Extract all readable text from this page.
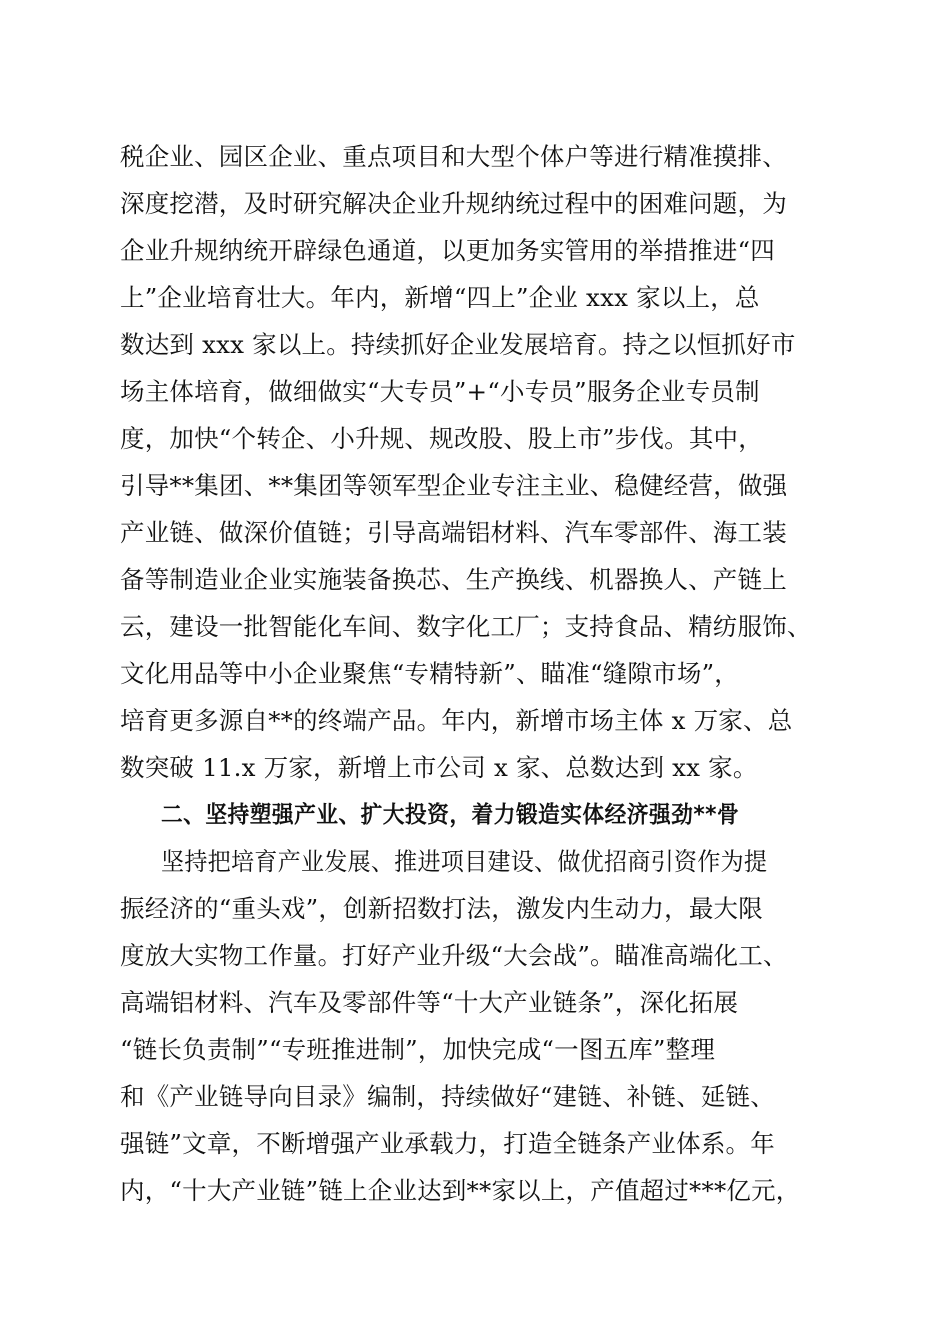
税企业、园区企业、重点项目和大型个体户等进行精准摸排、
深度挖潜，及时研究解决企业升规纳统过程中的困难问题，为
企业升规纳统开辟绿色通道，以更加务实管用的举措推进“四
上”企业培育壮大。年内，新增“四上”企业 xxx 家以上，总
数达到 xxx 家以上。持续抓好企业发展培育。持之以恒抓好市
场主体培育，做细做实“大专员”+“小专员”服务企业专员制
度，加快“个转企、小升规、规改股、股上市”步伐。其中，
引导**集团、**集团等领军型企业专注主业、稳健经营，做强
产业链、做深价值链；引导高端铝材料、汽车零部件、海工装
备等制造业企业实施装备换芯、生产换线、机器换人、产链上
云，建设一批智能化车间、数字化工厂；支持食品、精纺服饰、
文化用品等中小企业聚焦“专精特新”、瞄准“缝隙市场”，
培育更多源自**的终端产品。年内，新增市场主体 x 万家、总
数突破 11.x 万家，新增上市公司 x 家、总数达到 xx 家。
二、坚持塑强产业、扩大投资，着力锻造实体经济强劲**骨
坚持把培育产业发展、推进项目建设、做优招商引资作为提
振经济的“重头戏”，创新招数打法，激发内生动力，最大限
度放大实物工作量。打好产业升级“大会战”。瞄准高端化工、
高端铝材料、汽车及零部件等“十大产业链条”，深化拓展
“链长负责制”“专班推进制”，加快完成“一图五库”整理
和《产业链导向目录》编制，持续做好“建链、补链、延链、
强链”文章，不断增强产业承载力，打造全链条产业体系。年
内，“十大产业链”链上企业达到**家以上，产值超过***亿元，
